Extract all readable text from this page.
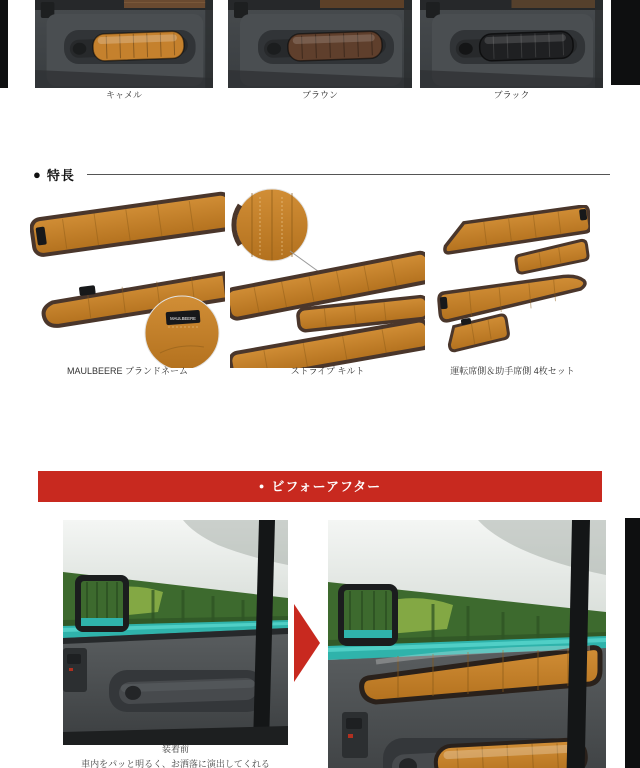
キャメル	ブラウン	ブラック
● 特長
MAULBEERE
MAULBEERE ブランドネーム	ストライプ キルト	運転席側＆助手席側 4枚セット
● ビフォーアフター
装着前
車内をパッと明るく、お洒落に演出してくれる
